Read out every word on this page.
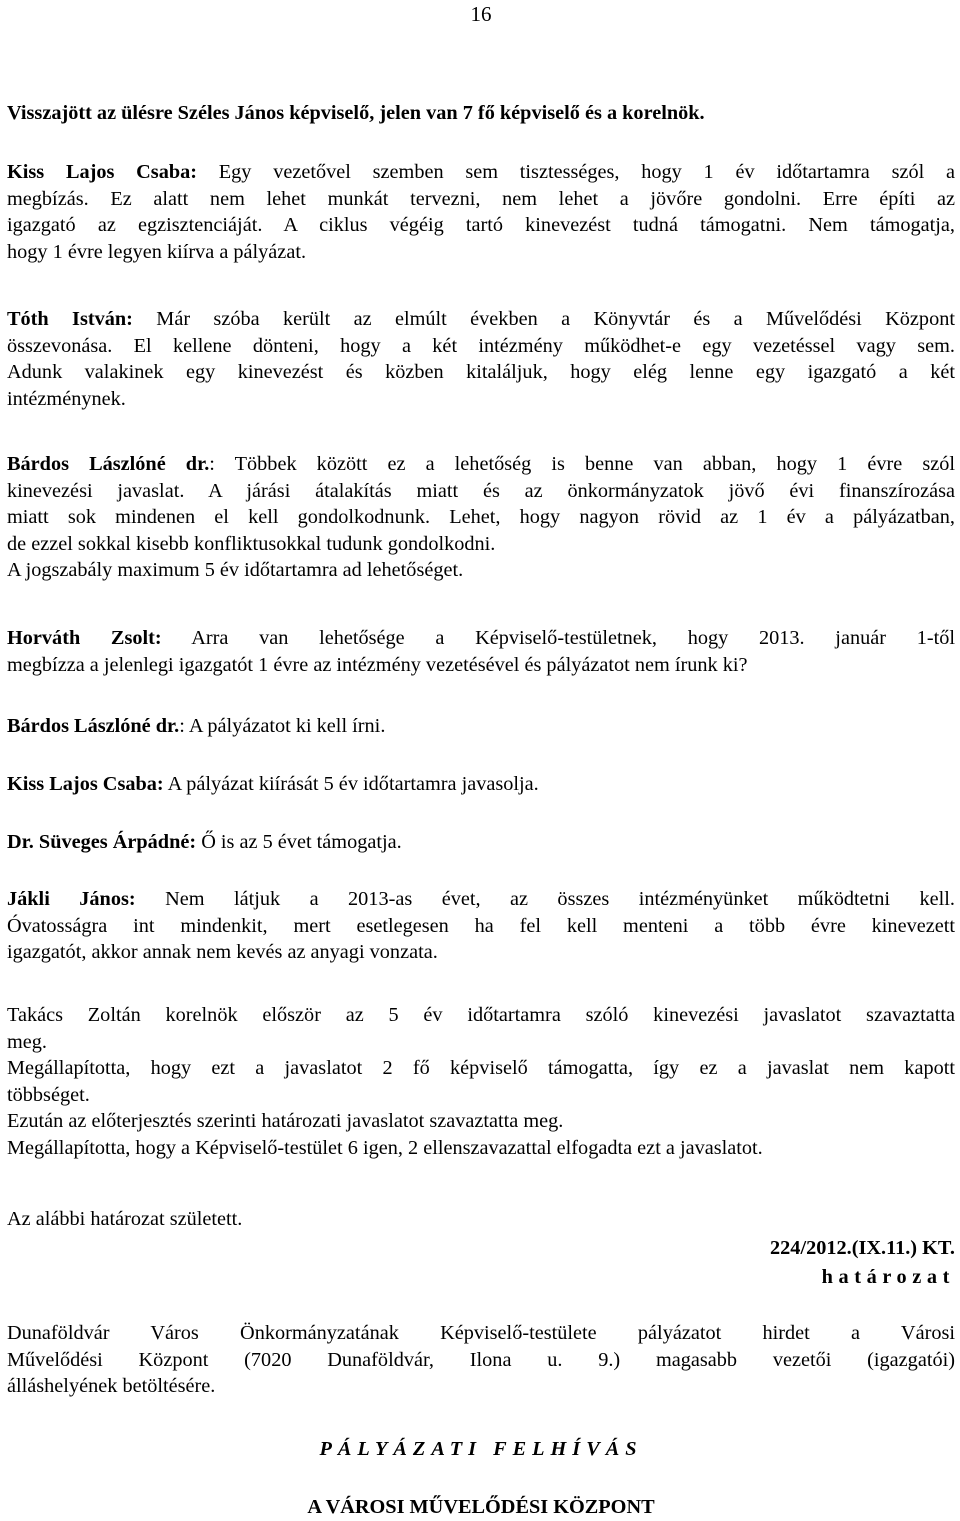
16
Visszajött az ülésre Széles János képviselő, jelen van 7 fő képviselő és a korelnök.
Kiss Lajos Csaba: Egy vezetővel szemben sem tisztességes, hogy 1 év időtartamra szól a
megbízás. Ez alatt nem lehet munkát tervezni, nem lehet a jövőre gondolni. Erre építi az
igazgató az egzisztenciáját. A ciklus végéig tartó kinevezést tudná támogatni. Nem támogatja,
hogy 1 évre legyen kiírva a pályázat.
Tóth István: Már szóba került az elmúlt években a Könyvtár és a Művelődési Központ
összevonása. El kellene dönteni, hogy a két intézmény működhet-e egy vezetéssel vagy sem.
Adunk valakinek egy kinevezést és közben kitaláljuk, hogy elég lenne egy igazgató a két
intézménynek.
Bárdos Lászlóné dr.: Többek között ez a lehetőség is benne van abban, hogy 1 évre szól
kinevezési javaslat. A járási átalakítás miatt és az önkormányzatok jövő évi finanszírozása
miatt sok mindenen el kell gondolkodnunk. Lehet, hogy nagyon rövid az 1 év a pályázatban,
de ezzel sokkal kisebb konfliktusokkal tudunk gondolkodni.
A jogszabály maximum 5 év időtartamra ad lehetőséget.
Horváth Zsolt: Arra van lehetősége a Képviselő-testületnek, hogy 2013. január 1-től
megbízza a jelenlegi igazgatót 1 évre az intézmény vezetésével és pályázatot nem írunk ki?
Bárdos Lászlóné dr.: A pályázatot ki kell írni.
Kiss Lajos Csaba: A pályázat kiírását 5 év időtartamra javasolja.
Dr. Süveges Árpádné: Ő is az 5 évet támogatja.
Jákli János: Nem látjuk a 2013-as évet, az összes intézményünket működtetni kell.
Óvatosságra int mindenkit, mert esetlegesen ha fel kell menteni a több évre kinevezett
igazgatót, akkor annak nem kevés az anyagi vonzata.
Takács Zoltán korelnök először az 5 év időtartamra szóló kinevezési javaslatot szavaztatta
meg.
Megállapította, hogy ezt a javaslatot 2 fő képviselő támogatta, így ez a javaslat nem kapott
többséget.
Ezután az előterjesztés szerinti határozati javaslatot szavaztatta meg.
Megállapította, hogy a Képviselő-testület 6 igen, 2 ellenszavazattal elfogadta ezt a javaslatot.
Az alábbi határozat született.
224/2012.(IX.11.) KT.
határozat
Dunaföldvár Város Önkormányzatának Képviselő-testülete pályázatot hirdet a Városi
Művelődési Központ (7020 Dunaföldvár, Ilona u. 9.) magasabb vezetői (igazgatói)
álláshelyének betöltésére.
PÁLYÁZATI FELHÍVÁS
A VÁROSI MŰVELŐDÉSI KÖZPONT
